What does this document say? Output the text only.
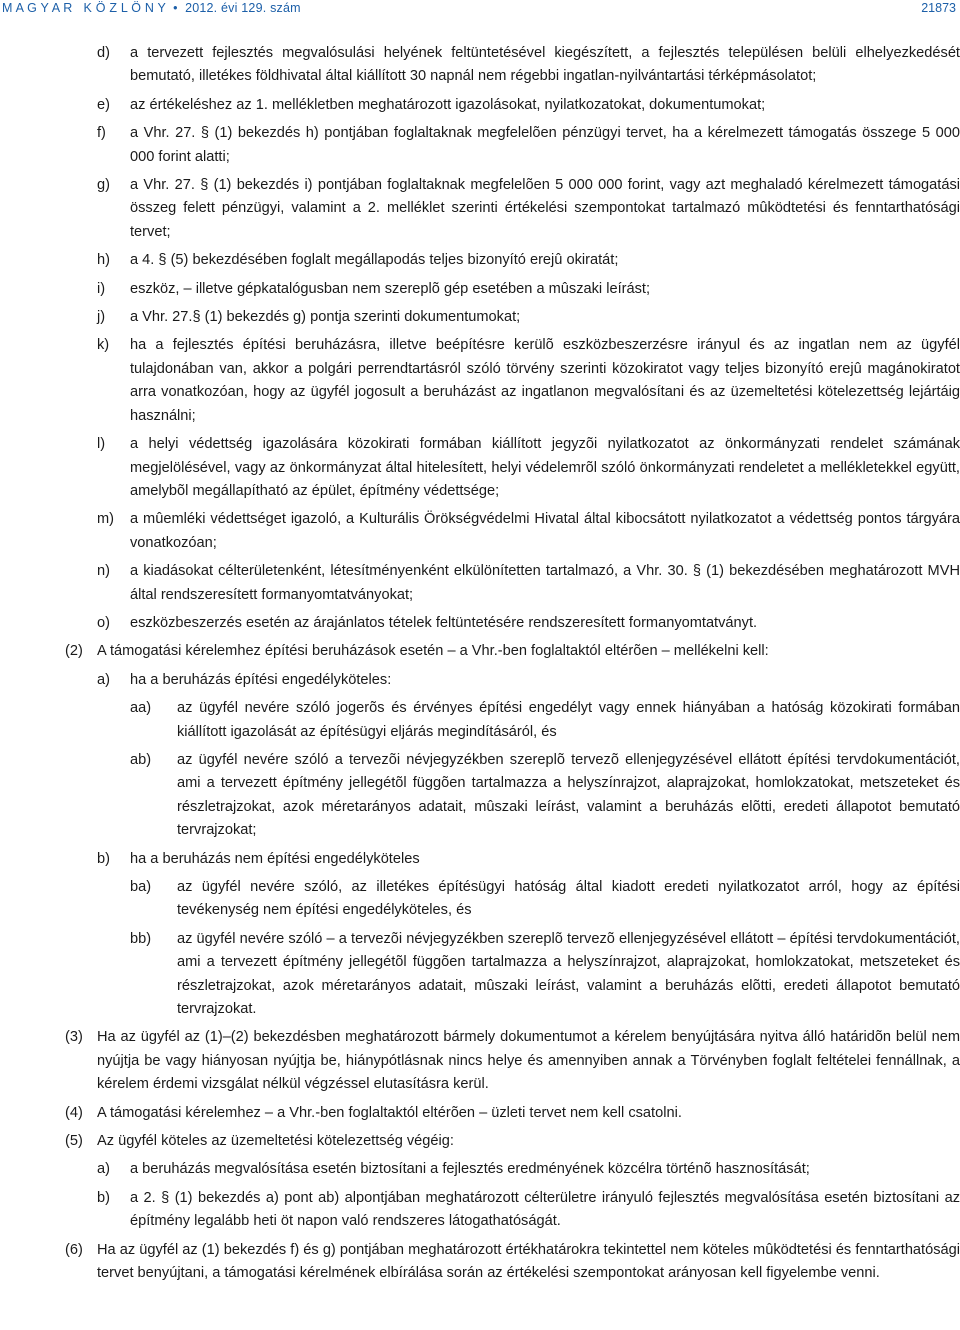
M A G Y A R   K Ö Z L Ö N Y  •  2012. évi 129. szám	21873
d) a tervezett fejlesztés megvalósulási helyének feltüntetésével kiegészített, a fejlesztés településen belüli elhelyezkedését bemutató, illetékes földhivatal által kiállított 30 napnál nem régebbi ingatlan-nyilvántartási térképmásolatot;
e) az értékeléshez az 1. mellékletben meghatározott igazolásokat, nyilatkozatokat, dokumentumokat;
f) a Vhr. 27. § (1) bekezdés h) pontjában foglaltaknak megfelelõen pénzügyi tervet, ha a kérelmezett támogatás összege 5 000 000 forint alatti;
g) a Vhr. 27. § (1) bekezdés i) pontjában foglaltaknak megfelelõen 5 000 000 forint, vagy azt meghaladó kérelmezett támogatási összeg felett pénzügyi, valamint a 2. melléklet szerinti értékelési szempontokat tartalmazó mûködtetési és fenntarthatósági tervet;
h) a 4. § (5) bekezdésében foglalt megállapodás teljes bizonyító erejû okiratát;
i) eszköz, – illetve gépkatalógusban nem szereplõ gép esetében a mûszaki leírást;
j) a Vhr. 27.§ (1) bekezdés g) pontja szerinti dokumentumokat;
k) ha a fejlesztés építési beruházásra, illetve beépítésre kerülõ eszközbeszerzésre irányul és az ingatlan nem az ügyfél tulajdonában van, akkor a polgári perrendtartásról szóló törvény szerinti közokiratot vagy teljes bizonyító erejû magánokiratot arra vonatkozóan, hogy az ügyfél jogosult a beruházást az ingatlanon megvalósítani és az üzemeltetési kötelezettség lejártáig használni;
l) a helyi védettség igazolására közokirati formában kiállított jegyzõi nyilatkozatot az önkormányzati rendelet számának megjelölésével, vagy az önkormányzat által hitelesített, helyi védelemrõl szóló önkormányzati rendeletet a mellékletekkel együtt, amelybõl megállapítható az épület, építmény védettsége;
m) a mûemléki védettséget igazoló, a Kulturális Örökségvédelmi Hivatal által kibocsátott nyilatkozatot a védettség pontos tárgyára vonatkozóan;
n) a kiadásokat célterületenként, létesítményenként elkülönítetten tartalmazó, a Vhr. 30. § (1) bekezdésében meghatározott MVH által rendszeresített formanyomtatványokat;
o) eszközbeszerzés esetén az árajánlatos tételek feltüntetésére rendszeresített formanyomtatványt.
(2) A támogatási kérelemhez építési beruházások esetén – a Vhr.-ben foglaltaktól eltérõen – mellékelni kell:
a) ha a beruházás építési engedélyköteles:
aa) az ügyfél nevére szóló jogerõs és érvényes építési engedélyt vagy ennek hiányában a hatóság közokirati formában kiállított igazolását az építésügyi eljárás megindításáról, és
ab) az ügyfél nevére szóló a tervezõi névjegyzékben szereplõ tervezõ ellenjegyzésével ellátott építési tervdokumentációt, ami a tervezett építmény jellegétõl függõen tartalmazza a helyszínrajzot, alaprajzokat, homlokzatokat, metszeteket és részletrajzokat, azok méretarányos adatait, mûszaki leírást, valamint a beruházás elõtti, eredeti állapotot bemutató tervrajzokat;
b) ha a beruházás nem építési engedélyköteles
ba) az ügyfél nevére szóló, az illetékes építésügyi hatóság által kiadott eredeti nyilatkozatot arról, hogy az építési tevékenység nem építési engedélyköteles, és
bb) az ügyfél nevére szóló – a tervezõi névjegyzékben szereplõ tervezõ ellenjegyzésével ellátott – építési tervdokumentációt, ami a tervezett építmény jellegétõl függõen tartalmazza a helyszínrajzot, alaprajzokat, homlokzatokat, metszeteket és részletrajzokat, azok méretarányos adatait, mûszaki leírást, valamint a beruházás elõtti, eredeti állapotot bemutató tervrajzokat.
(3) Ha az ügyfél az (1)–(2) bekezdésben meghatározott bármely dokumentumot a kérelem benyújtására nyitva álló határidõn belül nem nyújtja be vagy hiányosan nyújtja be, hiánypótlásnak nincs helye és amennyiben annak a Törvényben foglalt feltételei fennállnak, a kérelem érdemi vizsgálat nélkül végzéssel elutasításra kerül.
(4) A támogatási kérelemhez – a Vhr.-ben foglaltaktól eltérõen – üzleti tervet nem kell csatolni.
(5) Az ügyfél köteles az üzemeltetési kötelezettség végéig:
a) a beruházás megvalósítása esetén biztosítani a fejlesztés eredményének közcélra történõ hasznosítását;
b) a 2. § (1) bekezdés a) pont ab) alpontjában meghatározott célterületre irányuló fejlesztés megvalósítása esetén biztosítani az építmény legalább heti öt napon való rendszeres látogathatóságát.
(6) Ha az ügyfél az (1) bekezdés f) és g) pontjában meghatározott értékhatárokra tekintettel nem köteles mûködtetési és fenntarthatósági tervet benyújtani, a támogatási kérelmének elbírálása során az értékelési szempontokat arányosan kell figyelembe venni.
